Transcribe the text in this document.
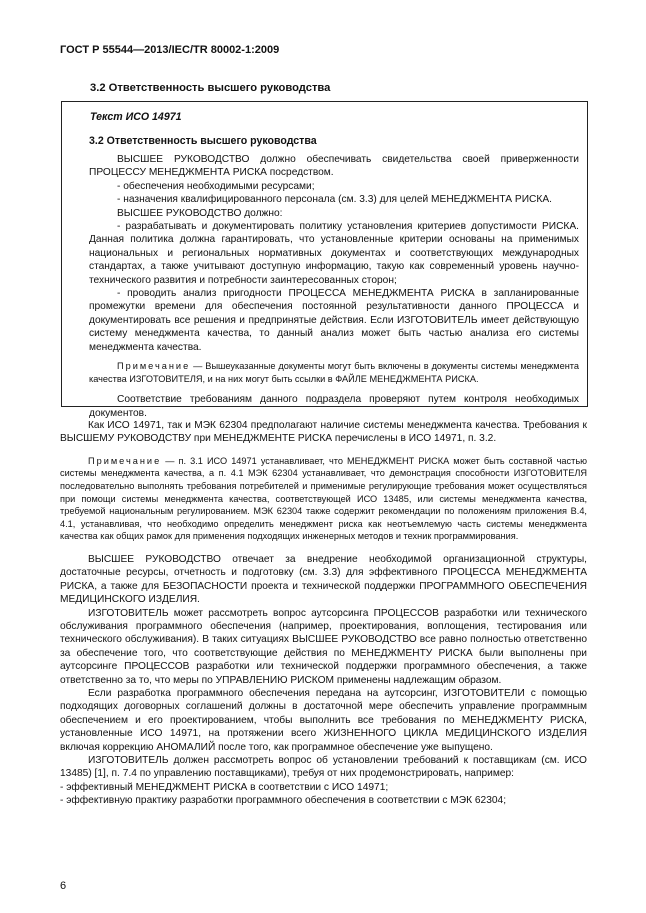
ГОСТ Р 55544—2013/IEC/TR 80002-1:2009
3.2 Ответственность высшего руководства
Текст ИСО 14971
3.2 Ответственность высшего руководства

ВЫСШЕЕ РУКОВОДСТВО должно обеспечивать свидетельства своей приверженности ПРОЦЕССУ МЕНЕДЖМЕНТА РИСКА посредством.

- обеспечения необходимыми ресурсами;

- назначения квалифицированного персонала (см. 3.3) для целей МЕНЕДЖМЕНТА РИСКА.

ВЫСШЕЕ РУКОВОДСТВО должно:

- разрабатывать и документировать политику установления критериев допустимости РИСКА. Данная политика должна гарантировать, что установленные критерии основаны на применимых национальных и региональных нормативных документах и соответствующих международных стандартах, а также учитывают доступную информацию, такую как современный уровень научно-технического развития и потребности заинтересованных сторон;

- проводить анализ пригодности ПРОЦЕССА МЕНЕДЖМЕНТА РИСКА в запланированные промежутки времени для обеспечения постоянной результативности данного ПРОЦЕССА и документировать все решения и предпринятые действия. Если ИЗГОТОВИТЕЛЬ имеет действующую систему менеджмента качества, то данный анализ может быть частью анализа его системы менеджмента качества.

Примечание — Вышеуказанные документы могут быть включены в документы системы менеджмента качества ИЗГОТОВИТЕЛЯ, и на них могут быть ссылки в ФАЙЛЕ МЕНЕДЖМЕНТА РИСКА.

Соответствие требованиям данного подраздела проверяют путем контроля необходимых документов.

Как ИСО 14971, так и МЭК 62304 предполагают наличие системы менеджмента качества. Требования к ВЫСШЕМУ РУКОВОДСТВУ при МЕНЕДЖМЕНТЕ РИСКА перечислены в ИСО 14971, п. 3.2.

Примечание — п. 3.1 ИСО 14971 устанавливает, что МЕНЕДЖМЕНТ РИСКА может быть составной частью системы менеджмента качества, а п. 4.1 МЭК 62304 устанавливает, что демонстрация способности ИЗГОТОВИТЕЛЯ последовательно выполнять требования потребителей и применимые регулирующие требования может осуществляться при помощи системы менеджмента качества, соответствующей ИСО 13485, или системы менеджмента качества, требуемой национальным регулированием. МЭК 62304 также содержит рекомендации по положениям приложения В.4, 4.1, устанавливая, что необходимо определить менеджмент риска как неотъемлемую часть системы менеджмента качества как общих рамок для применения подходящих инженерных методов и техник программирования.

ВЫСШЕЕ РУКОВОДСТВО отвечает за внедрение необходимой организационной структуры, достаточные ресурсы, отчетность и подготовку (см. 3.3) для эффективного ПРОЦЕССА МЕНЕДЖМЕНТА РИСКА, а также для БЕЗОПАСНОСТИ проекта и технической поддержки ПРОГРАММНОГО ОБЕСПЕЧЕНИЯ МЕДИЦИНСКОГО ИЗДЕЛИЯ.

ИЗГОТОВИТЕЛЬ может рассмотреть вопрос аутсорсинга ПРОЦЕССОВ разработки или технического обслуживания программного обеспечения (например, проектирования, воплощения, тестирования или технического обслуживания). В таких ситуациях ВЫСШЕЕ РУКОВОДСТВО все равно полностью ответственно за обеспечение того, что соответствующие действия по МЕНЕДЖМЕНТУ РИСКА были выполнены при аутсорсинге ПРОЦЕССОВ разработки или технической поддержки программного обеспечения, а также ответственно за то, что меры по УПРАВЛЕНИЮ РИСКОМ применены надлежащим образом.

Если разработка программного обеспечения передана на аутсорсинг, ИЗГОТОВИТЕЛИ с помощью подходящих договорных соглашений должны в достаточной мере обеспечить управление программным обеспечением и его проектированием, чтобы выполнить все требования по МЕНЕДЖМЕНТУ РИСКА, установленные ИСО 14971, на протяжении всего ЖИЗНЕННОГО ЦИКЛА МЕДИЦИНСКОГО ИЗДЕЛИЯ включая коррекцию АНОМАЛИЙ после того, как программное обеспечение уже выпущено.

ИЗГОТОВИТЕЛЬ должен рассмотреть вопрос об установлении требований к поставщикам (см. ИСО 13485) [1], п. 7.4 по управлению поставщиками), требуя от них продемонстрировать, например:

- эффективный МЕНЕДЖМЕНТ РИСКА в соответствии с ИСО 14971;

- эффективную практику разработки программного обеспечения в соответствии с МЭК 62304;

6
